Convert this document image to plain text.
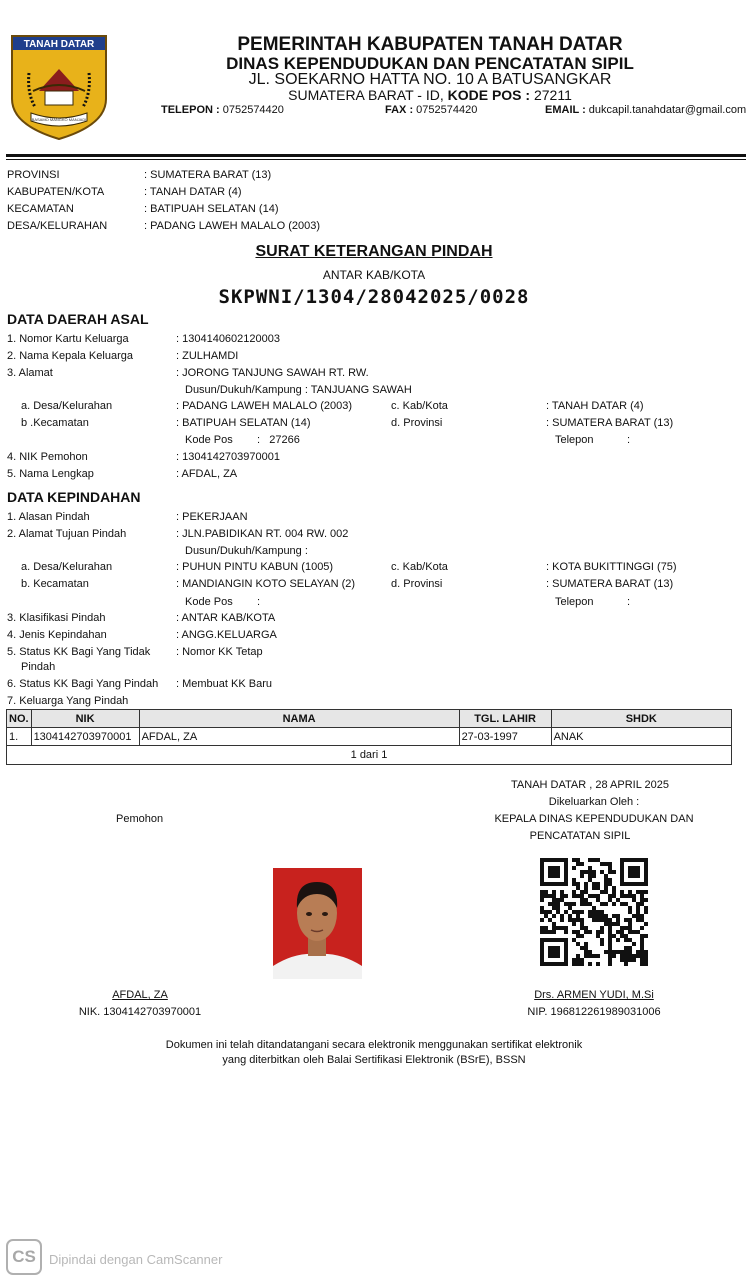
TANAH DATAR
BASAMO MANGKO MANJADI
PEMERINTAH KABUPATEN TANAH DATAR
DINAS KEPENDUDUKAN DAN PENCATATAN SIPIL
JL. SOEKARNO HATTA NO. 10 A BATUSANGKAR
SUMATERA BARAT - ID, KODE POS : 27211
TELEPON : 0752574420	FAX : 0752574420	EMAIL : dukcapil.tanahdatar@gmail.com
PROVINSI	: SUMATERA BARAT (13)
KABUPATEN/KOTA	: TANAH DATAR (4)
KECAMATAN	: BATIPUAH SELATAN (14)
DESA/KELURAHAN	: PADANG LAWEH MALALO (2003)
SURAT KETERANGAN PINDAH
ANTAR KAB/KOTA
SKPWNI/1304/28042025/0028
DATA DAERAH ASAL
1. Nomor Kartu Keluarga	: 1304140602120003
2. Nama Kepala Keluarga	: ZULHAMDI
3. Alamat	: JORONG TANJUNG SAWAH RT. RW.
Dusun/Dukuh/Kampung : TANJUANG SAWAH
a. Desa/Kelurahan	: PADANG LAWEH MALALO (2003)	c. Kab/Kota	: TANAH DATAR (4)
b .Kecamatan	: BATIPUAH SELATAN (14)	d. Provinsi	: SUMATERA BARAT (13)
Kode Pos :   27266	Telepon	:
4. NIK Pemohon	: 1304142703970001
5. Nama Lengkap	: AFDAL, ZA
DATA KEPINDAHAN
1. Alasan Pindah	: PEKERJAAN
2. Alamat Tujuan Pindah	: JLN.PABIDIKAN RT. 004 RW. 002
Dusun/Dukuh/Kampung :
a. Desa/Kelurahan	: PUHUN PINTU KABUN (1005)	c. Kab/Kota	: KOTA BUKITTINGGI (75)
b. Kecamatan	: MANDIANGIN KOTO SELAYAN (2)	d. Provinsi	: SUMATERA BARAT (13)
Kode Pos :	Telepon	:
3. Klasifikasi Pindah	: ANTAR KAB/KOTA
4. Jenis Kepindahan	: ANGG.KELUARGA
5. Status KK Bagi Yang Tidak
Pindah
: Nomor KK Tetap
6. Status KK Bagi Yang Pindah : Membuat KK Baru
7. Keluarga Yang Pindah
NO.	NIK	NAMA	TGL. LAHIR	SHDK
1.	1304142703970001	AFDAL, ZA	27-03-1997	ANAK
1 dari 1
TANAH DATAR , 28 APRIL 2025
Dikeluarkan Oleh :
KEPALA DINAS KEPENDUDUKAN DAN
PENCATATAN SIPIL
Pemohon
AFDAL, ZA
NIK. 1304142703970001
Drs. ARMEN YUDI, M.Si
NIP. 196812261989031006
Dokumen ini telah ditandatangani secara elektronik menggunakan sertifikat elektronik
yang diterbitkan oleh Balai Sertifikasi Elektronik (BSrE), BSSN
CS	Dipindai dengan CamScanner
